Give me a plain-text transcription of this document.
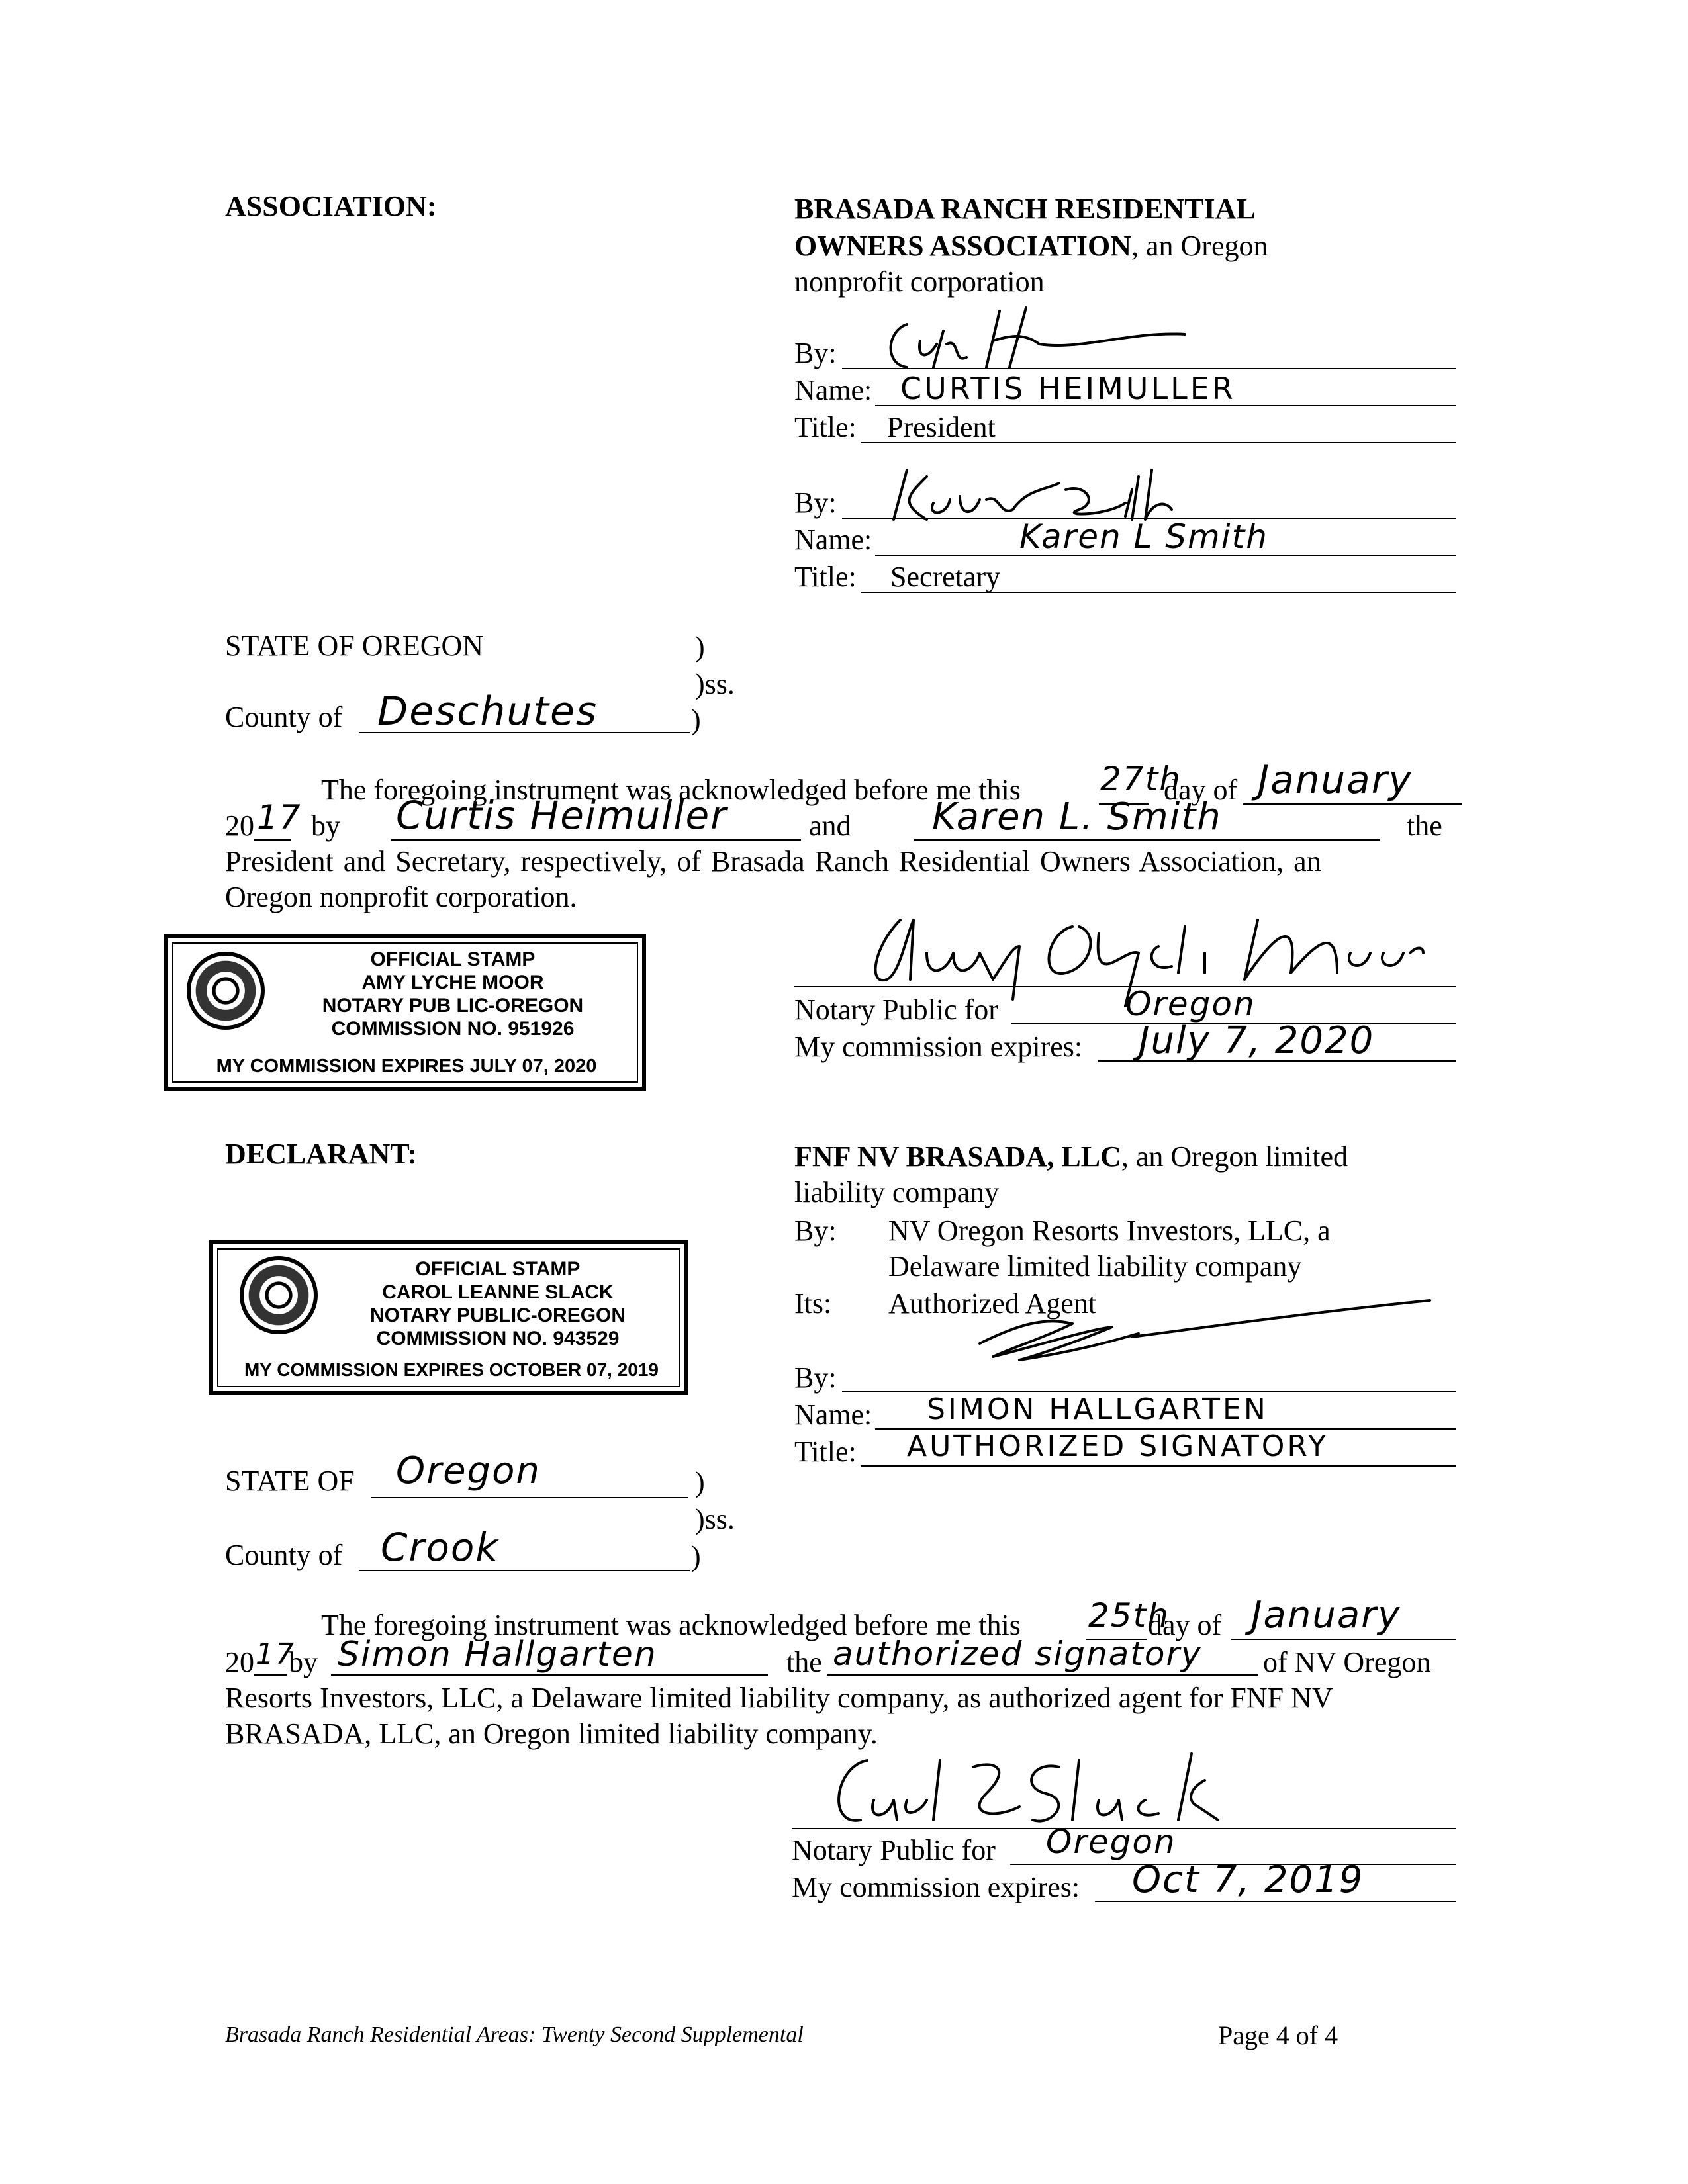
ASSOCIATION:	BRASADA RANCH RESIDENTIAL
OWNERS ASSOCIATION, an Oregon
nonprofit corporation
By:
Name: CURTIS HEIMULLER
Title: President
By:
Name:	Karen L Smith
Title: Secretary
STATE OF OREGON	)
)ss.
County of Deschutes	)
The foregoing instrument was acknowledged before me this 27th
day of January
20 17 by Curtis Heimuller	and Karen L. Smith	the
President and Secretary, respectively, of Brasada Ranch Residential Owners Association, an
Oregon nonprofit corporation.
OFFICIAL STAMP
AMY LYCHE MOOR
NOTARY PUB LIC-OREGON
COMMISSION NO. 951926
MY COMMISSION EXPIRES JULY 07, 2020
Notary Public for	Oregon
My commission expires: July 7, 2020
DECLARANT:	FNF NV BRASADA, LLC, an Oregon limited
liability company
By: NV Oregon Resorts Investors, LLC, a
Delaware limited liability company
Its: Authorized Agent
By:
Name: SIMON HALLGARTEN
Title: AUTHORIZED SIGNATORY
OFFICIAL STAMP
CAROL LEANNE SLACK
NOTARY PUBLIC-OREGON
COMMISSION NO. 943529
MY COMMISSION EXPIRES OCTOBER 07, 2019
STATE OF Oregon	)
)ss.
County of Crook	)
The foregoing instrument was acknowledged before me this 25th
day of January
20 17
by Simon Hallgarten	the authorized signatory of NV Oregon
Resorts Investors, LLC, a Delaware limited liability company, as authorized agent for FNF NV
BRASADA, LLC, an Oregon limited liability company.
Notary Public for Oregon
My commission expires: Oct 7, 2019
Brasada Ranch Residential Areas: Twenty Second Supplemental	Page 4 of 4
